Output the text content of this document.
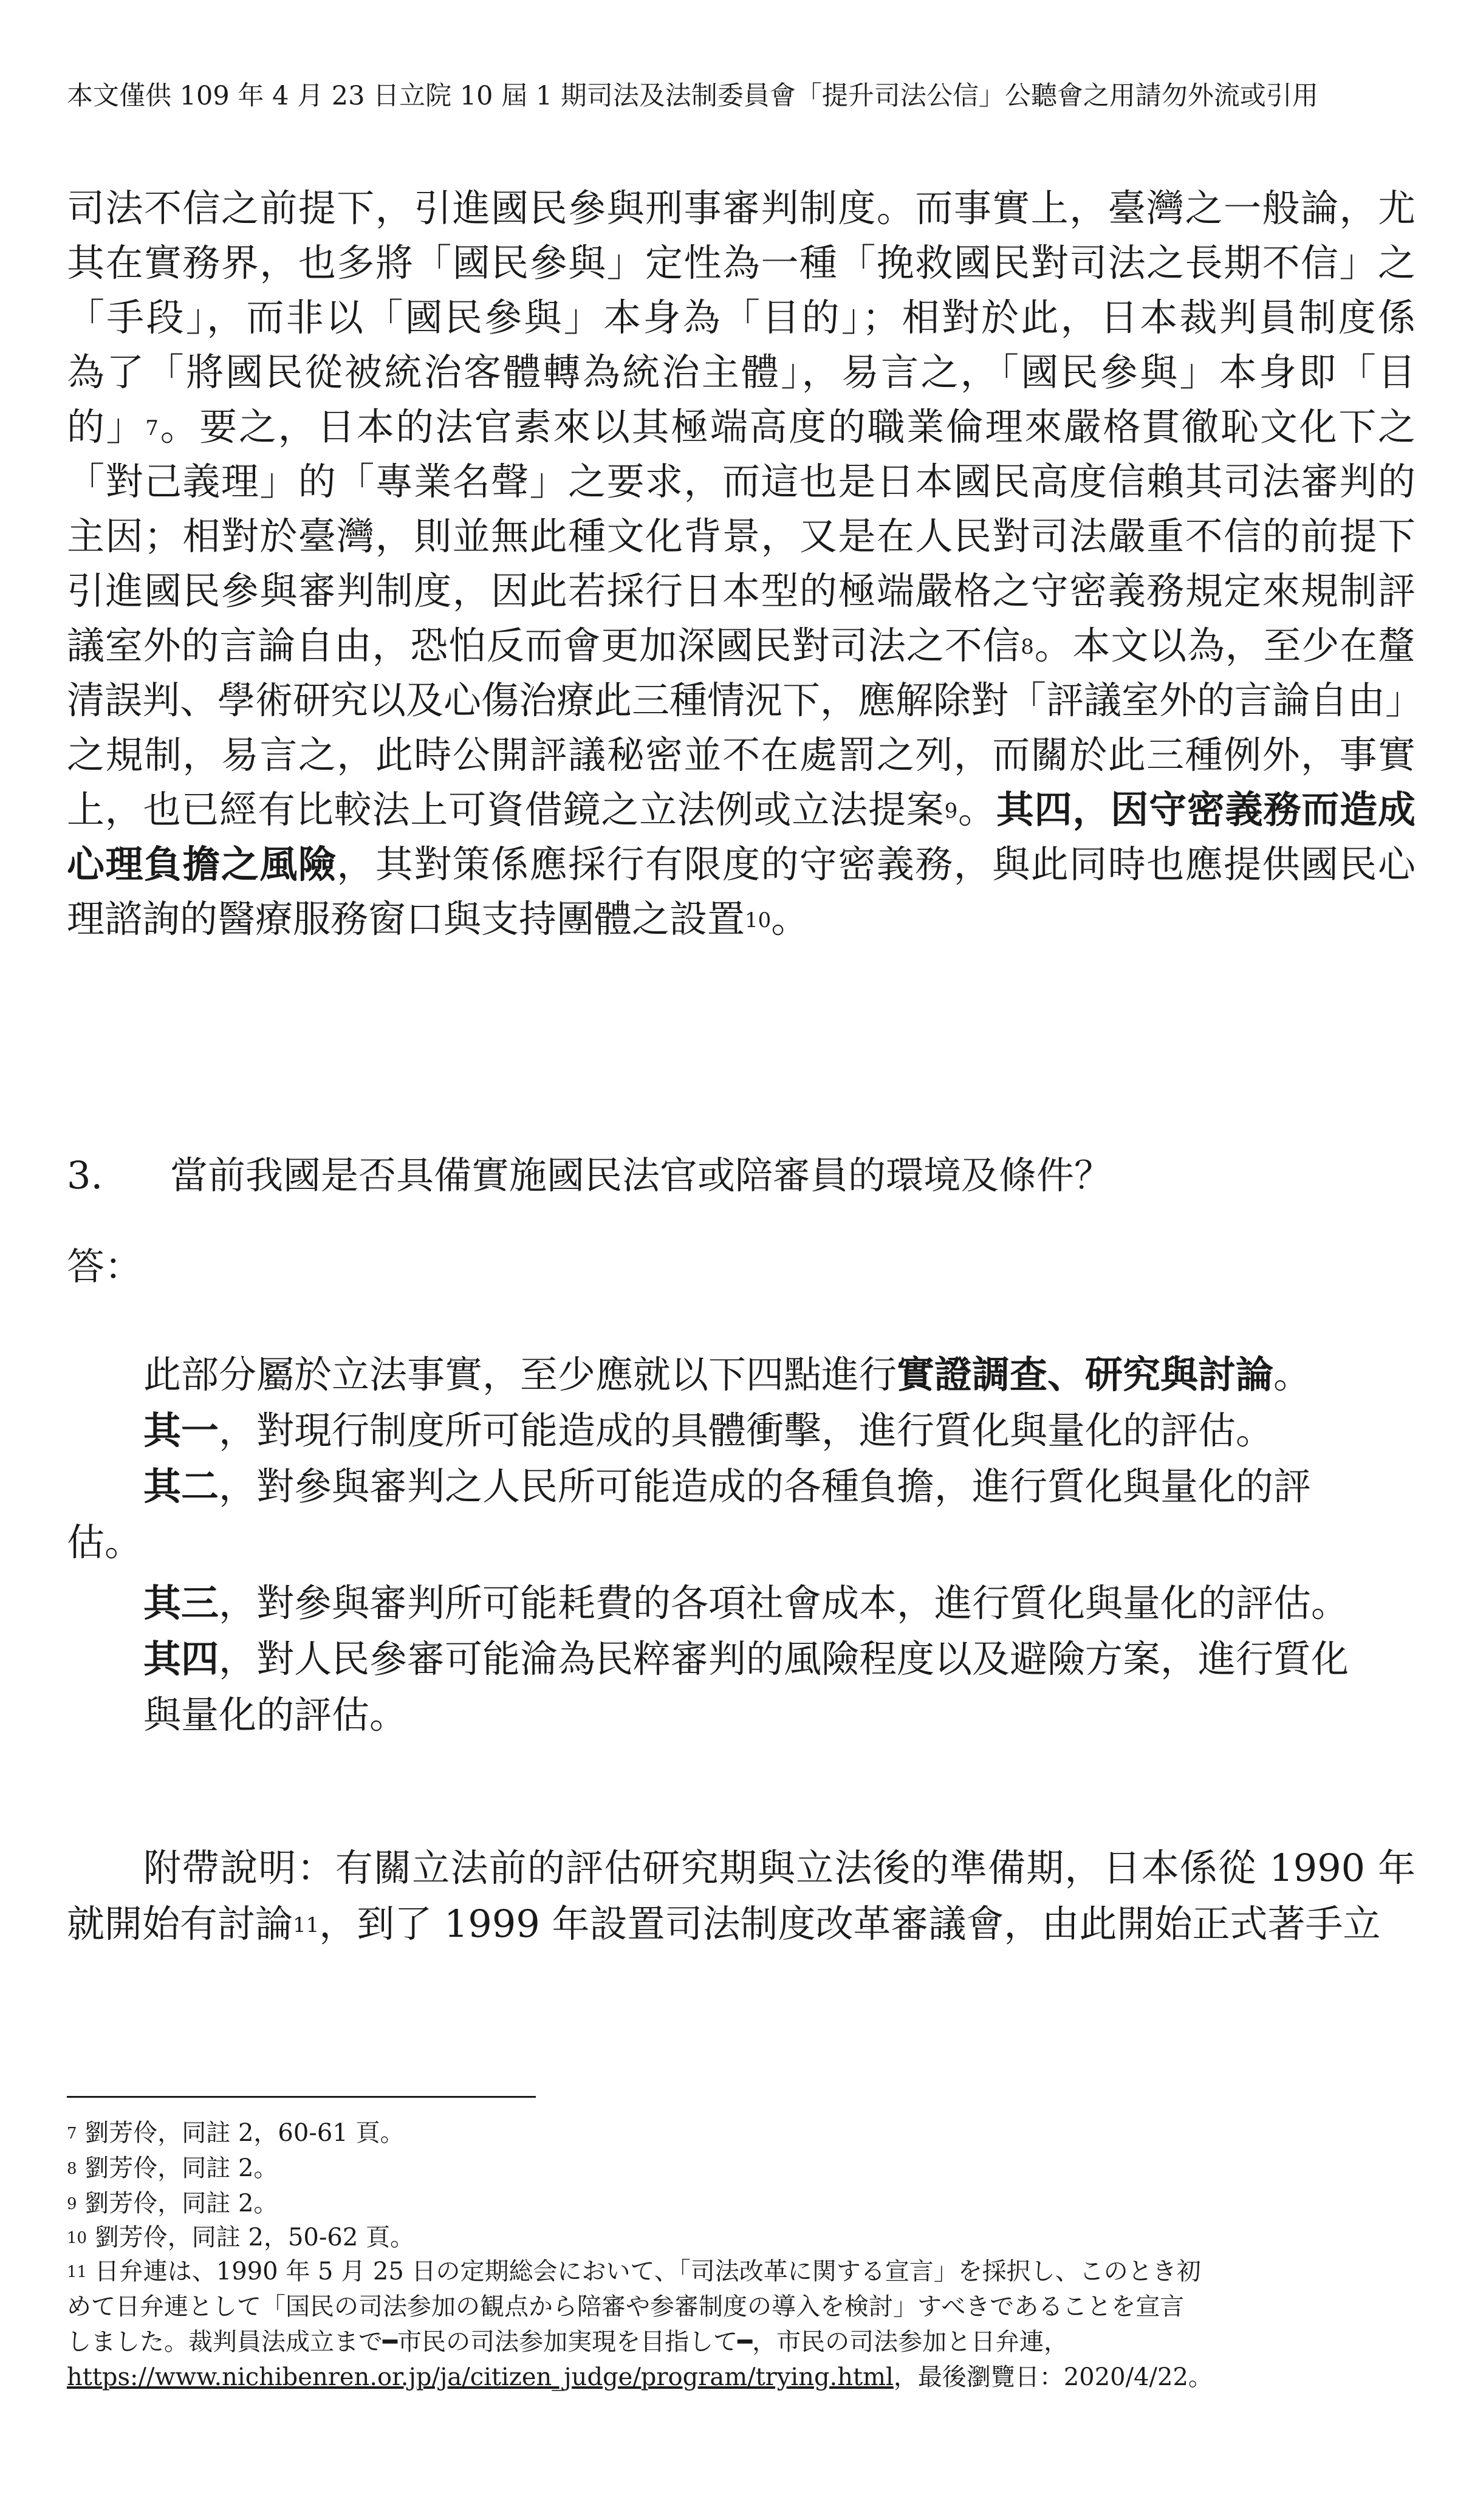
本文僅供 109 年 4 月 23 日立院 10 屆 1 期司法及法制委員會「提升司法公信」公聽會之用請勿外流或引用
司法不信之前提下，引進國民參與刑事審判制度。而事實上，臺灣之一般論，尤
其在實務界，也多將「國民參與」定性為一種「挽救國民對司法之長期不信」之
「手段」，而非以「國民參與」本身為「目的」；相對於此，日本裁判員制度係
為了「將國民從被統治客體轉為統治主體」，易言之，「國民參與」本身即「目
的」$^7$。要之，日本的法官素來以其極端高度的職業倫理來嚴格貫徹恥文化下之
「對己義理」的「專業名聲」之要求，而這也是日本國民高度信賴其司法審判的
主因；相對於臺灣，則並無此種文化背景，又是在人民對司法嚴重不信的前提下
引進國民參與審判制度，因此若採行日本型的極端嚴格之守密義務規定來規制評
議室外的言論自由，恐怕反而會更加深國民對司法之不信$^8$。本文以為，至少在釐
清誤判、學術研究以及心傷治療此三種情況下，應解除對「評議室外的言論自由」
之規制，易言之，此時公開評議秘密並不在處罰之列，而關於此三種例外，事實
上，也已經有比較法上可資借鏡之立法例或立法提案$^9$。其四，因守密義務而造成
心理負擔之風險，其對策係應採行有限度的守密義務，與此同時也應提供國民心
理諮詢的醫療服務窗口與支持團體之設置$^{10}$。
3. 當前我國是否具備實施國民法官或陪審員的環境及條件？
答：
此部分屬於立法事實，至少應就以下四點進行實證調查、研究與討論。
其一，對現行制度所可能造成的具體衝擊，進行質化與量化的評估。
其二，對參與審判之人民所可能造成的各種負擔，進行質化與量化的評
估。
其三，對參與審判所可能耗費的各項社會成本，進行質化與量化的評估。
其四，對人民參審可能淪為民粹審判的風險程度以及避險方案，進行質化
與量化的評估。
附帶說明：有關立法前的評估研究期與立法後的準備期，日本係從 1990 年
就開始有討論$^{11}$，到了 1999 年設置司法制度改革審議會，由此開始正式著手立
$^7$ 劉芳伶，同註 2，60-61 頁。
$^8$ 劉芳伶，同註 2。
$^9$ 劉芳伶，同註 2。
$^{10}$ 劉芳伶，同註 2，50-62 頁。
$^{11}$ 日弁連は、1990 年 5 月 25 日の定期総会において、「司法改革に関する宣言」を採択し、このとき初
めて日弁連として「国民の司法参加の観点から陪審や参審制度の導入を検討」すべきであることを宣言
しました。裁判員法成立まで━市民の司法参加実現を目指して━，市民の司法参加と日弁連，
https://www.nichibenren.or.jp/ja/citizen_judge/program/trying.html，最後瀏覽日：2020/4/22。
